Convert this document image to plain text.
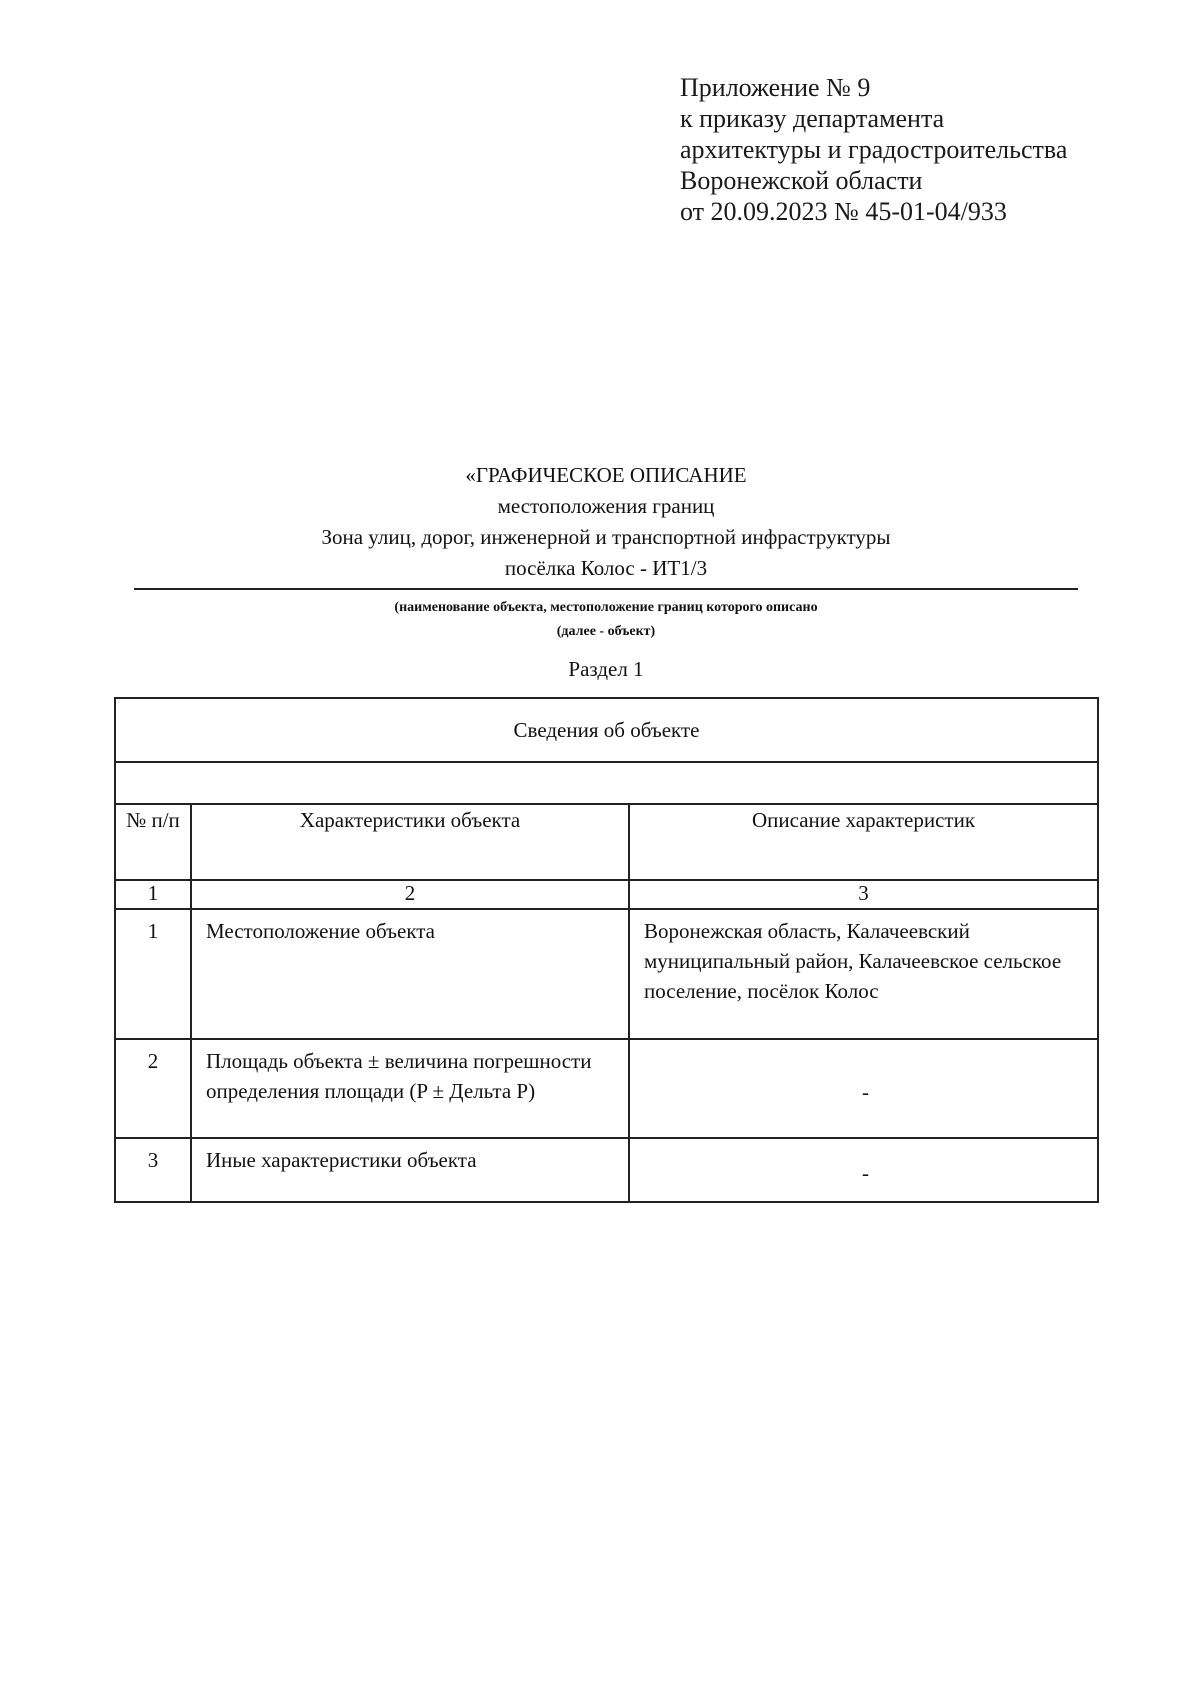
Приложение № 9
к приказу департамента
архитектуры и градостроительства
Воронежской области
от 20.09.2023 № 45-01-04/933
«ГРАФИЧЕСКОЕ ОПИСАНИЕ
местоположения границ
Зона улиц, дорог, инженерной и транспортной инфраструктуры
посёлка Колос - ИТ1/3
(наименование объекта, местоположение границ которого описано
(далее - объект)
Раздел 1
Сведения об объекте		

№ п/п	Характеристики объекта	Описание характеристик
1	2	3
1	Местоположение объекта	Воронежская область, Калачеевский муниципальный район, Калачеевское сельское поселение, посёлок Колос
2	Площадь объекта ± величина погрешности определения площади (P ± Дельта P)	-
3	Иные характеристики объекта	-
